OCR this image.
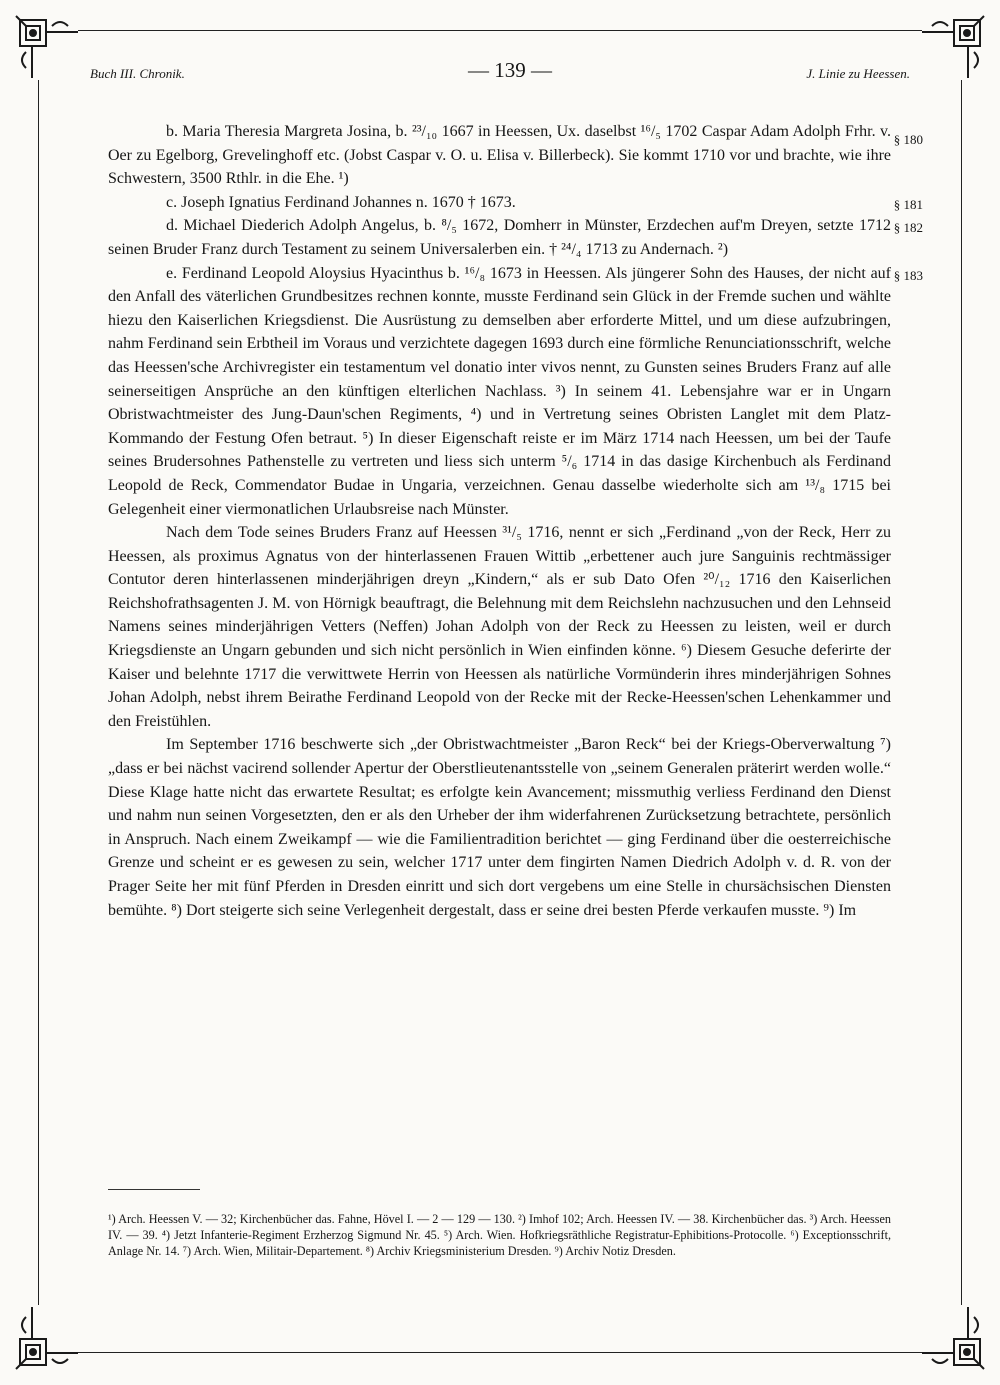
Buch III. Chronik.	— 139 —	J. Linie zu Heessen.

§ 180
b. Maria Theresia Margreta Josina, b. ²³/₁₀ 1667 in Heessen, Ux. daselbst ¹⁶/₅ 1702 Caspar Adam Adolph Frhr. v. Oer zu Egelborg, Grevelinghoff etc. (Jobst Caspar v. O. u. Elisa v. Billerbeck). Sie kommt 1710 vor und brachte, wie ihre Schwestern, 3500 Rthlr. in die Ehe. ¹)

§ 181
c. Joseph Ignatius Ferdinand Johannes n. 1670 † 1673.

§ 182
d. Michael Diederich Adolph Angelus, b. ⁸/₅ 1672, Domherr in Münster, Erzdechen auf'm Dreyen, setzte 1712 seinen Bruder Franz durch Testament zu seinem Universalerben ein. † ²⁴/₄ 1713 zu Andernach. ²)

§ 183
e. Ferdinand Leopold Aloysius Hyacinthus b. ¹⁶/₈ 1673 in Heessen. Als jüngerer Sohn des Hauses, der nicht auf den Anfall des väterlichen Grundbesitzes rechnen konnte, musste Ferdinand sein Glück in der Fremde suchen und wählte hiezu den Kaiserlichen Kriegsdienst. Die Ausrüstung zu demselben aber erforderte Mittel, und um diese aufzubringen, nahm Ferdinand sein Erbtheil im Voraus und verzichtete dagegen 1693 durch eine förmliche Renunciationsschrift, welche das Heessen'sche Archivregister ein testamentum vel donatio inter vivos nennt, zu Gunsten seines Bruders Franz auf alle seinerseitigen Ansprüche an den künftigen elterlichen Nachlass. ³) In seinem 41. Lebensjahre war er in Ungarn Obristwachtmeister des Jung-Daun'schen Regiments, ⁴) und in Vertretung seines Obristen Langlet mit dem Platz-Kommando der Festung Ofen betraut. ⁵) In dieser Eigenschaft reiste er im März 1714 nach Heessen, um bei der Taufe seines Brudersohnes Pathenstelle zu vertreten und liess sich unterm ⁵/₆ 1714 in das dasige Kirchenbuch als Ferdinand Leopold de Reck, Commendator Budae in Ungaria, verzeichnen. Genau dasselbe wiederholte sich am ¹³/₈ 1715 bei Gelegenheit einer viermonatlichen Urlaubsreise nach Münster.

Nach dem Tode seines Bruders Franz auf Heessen ³¹/₅ 1716, nennt er sich „Ferdinand „von der Reck, Herr zu Heessen, als proximus Agnatus von der hinterlassenen Frauen Wittib „erbettener auch jure Sanguinis rechtmässiger Contutor deren hinterlassenen minderjährigen dreyn „Kindern,“ als er sub Dato Ofen ²⁰/₁₂ 1716 den Kaiserlichen Reichshofrathsagenten J. M. von Hörnigk beauftragt, die Belehnung mit dem Reichslehn nachzusuchen und den Lehnseid Namens seines minderjährigen Vetters (Neffen) Johan Adolph von der Reck zu Heessen zu leisten, weil er durch Kriegsdienste an Ungarn gebunden und sich nicht persönlich in Wien einfinden könne. ⁶) Diesem Gesuche deferirte der Kaiser und belehnte 1717 die verwittwete Herrin von Heessen als natürliche Vormünderin ihres minderjährigen Sohnes Johan Adolph, nebst ihrem Beirathe Ferdinand Leopold von der Recke mit der Recke-Heessen'schen Lehenkammer und den Freistühlen.

Im September 1716 beschwerte sich „der Obristwachtmeister „Baron Reck“ bei der Kriegs-Oberverwaltung ⁷) „dass er bei nächst vacirend sollender Apertur der Oberstlieutenantsstelle von „seinem Generalen präterirt werden wolle.“ Diese Klage hatte nicht das erwartete Resultat; es erfolgte kein Avancement; missmuthig verliess Ferdinand den Dienst und nahm nun seinen Vorgesetzten, den er als den Urheber der ihm widerfahrenen Zurücksetzung betrachtete, persönlich in Anspruch. Nach einem Zweikampf — wie die Familientradition berichtet — ging Ferdinand über die oesterreichische Grenze und scheint er es gewesen zu sein, welcher 1717 unter dem fingirten Namen Diedrich Adolph v. d. R. von der Prager Seite her mit fünf Pferden in Dresden einritt und sich dort vergebens um eine Stelle in chursächsischen Diensten bemühte. ⁸) Dort steigerte sich seine Verlegenheit dergestalt, dass er seine drei besten Pferde verkaufen musste. ⁹) Im

¹) Arch. Heessen V. — 32; Kirchenbücher das. Fahne, Hövel I. — 2 — 129 — 130. ²) Imhof 102; Arch. Heessen IV. — 38. Kirchenbücher das. ³) Arch. Heessen IV. — 39. ⁴) Jetzt Infanterie-Regiment Erzherzog Sigmund Nr. 45. ⁵) Arch. Wien. Hofkriegsräthliche Registratur-Ephibitions-Protocolle. ⁶) Exceptionsschrift, Anlage Nr. 14. ⁷) Arch. Wien, Militair-Departement. ⁸) Archiv Kriegsministerium Dresden. ⁹) Archiv Notiz Dresden.
